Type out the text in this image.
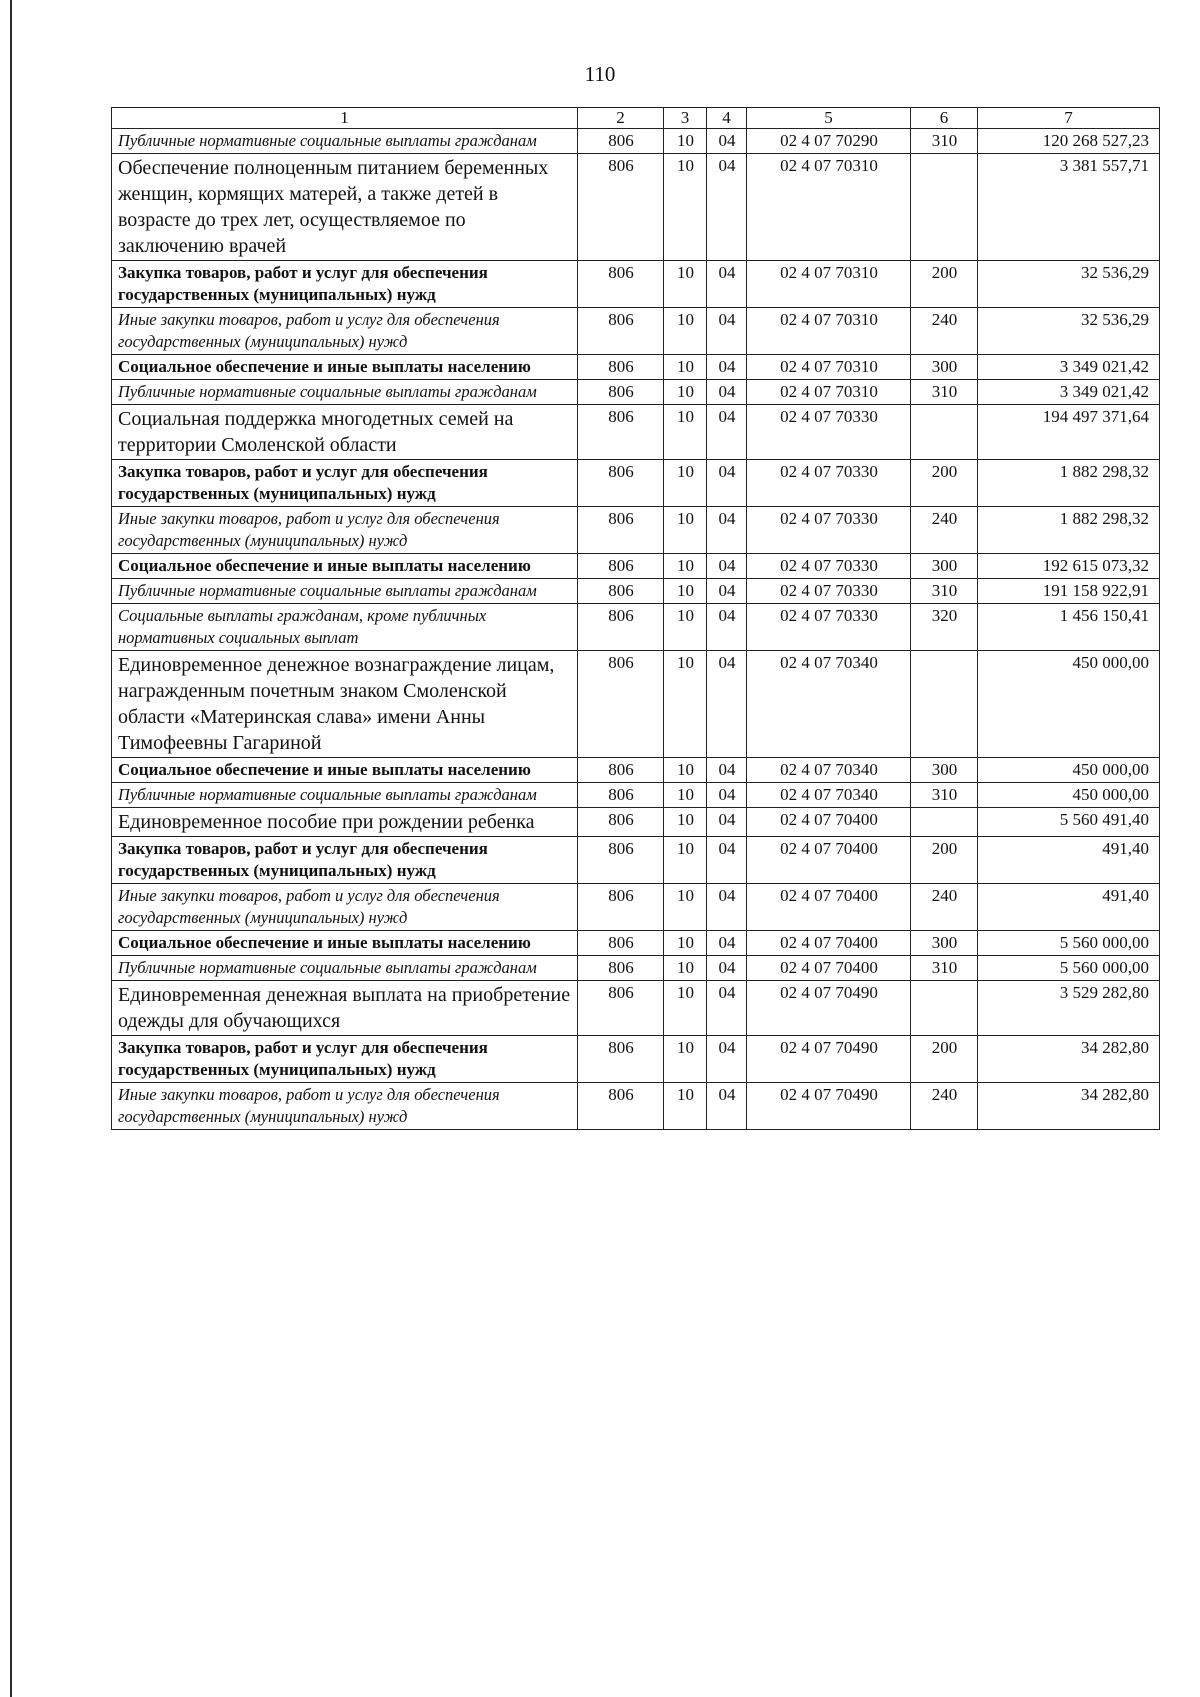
110
1	2	3	4	5	6	7
Публичные нормативные социальные выплаты гражданам	806	10	04	02 4 07 70290	310	120 268 527,23
Обеспечение полноценным питанием беременных женщин, кормящих матерей, а также детей в возрасте до трех лет, осуществляемое по заключению врачей	806	10	04	02 4 07 70310		3 381 557,71
Закупка товаров, работ и услуг для обеспечения государственных (муниципальных) нужд	806	10	04	02 4 07 70310	200	32 536,29
Иные закупки товаров, работ и услуг для обеспечения государственных (муниципальных) нужд	806	10	04	02 4 07 70310	240	32 536,29
Социальное обеспечение и иные выплаты населению	806	10	04	02 4 07 70310	300	3 349 021,42
Публичные нормативные социальные выплаты гражданам	806	10	04	02 4 07 70310	310	3 349 021,42
Социальная поддержка многодетных семей на территории Смоленской области	806	10	04	02 4 07 70330		194 497 371,64
Закупка товаров, работ и услуг для обеспечения государственных (муниципальных) нужд	806	10	04	02 4 07 70330	200	1 882 298,32
Иные закупки товаров, работ и услуг для обеспечения государственных (муниципальных) нужд	806	10	04	02 4 07 70330	240	1 882 298,32
Социальное обеспечение и иные выплаты населению	806	10	04	02 4 07 70330	300	192 615 073,32
Публичные нормативные социальные выплаты гражданам	806	10	04	02 4 07 70330	310	191 158 922,91
Социальные выплаты гражданам, кроме публичных нормативных социальных выплат	806	10	04	02 4 07 70330	320	1 456 150,41
Единовременное денежное вознаграждение лицам, награжденным почетным знаком Смоленской области «Материнская слава» имени Анны Тимофеевны Гагариной	806	10	04	02 4 07 70340		450 000,00
Социальное обеспечение и иные выплаты населению	806	10	04	02 4 07 70340	300	450 000,00
Публичные нормативные социальные выплаты гражданам	806	10	04	02 4 07 70340	310	450 000,00
Единовременное пособие при рождении ребенка	806	10	04	02 4 07 70400		5 560 491,40
Закупка товаров, работ и услуг для обеспечения государственных (муниципальных) нужд	806	10	04	02 4 07 70400	200	491,40
Иные закупки товаров, работ и услуг для обеспечения государственных (муниципальных) нужд	806	10	04	02 4 07 70400	240	491,40
Социальное обеспечение и иные выплаты населению	806	10	04	02 4 07 70400	300	5 560 000,00
Публичные нормативные социальные выплаты гражданам	806	10	04	02 4 07 70400	310	5 560 000,00
Единовременная денежная выплата на приобретение одежды для обучающихся	806	10	04	02 4 07 70490		3 529 282,80
Закупка товаров, работ и услуг для обеспечения государственных (муниципальных) нужд	806	10	04	02 4 07 70490	200	34 282,80
Иные закупки товаров, работ и услуг для обеспечения государственных (муниципальных) нужд	806	10	04	02 4 07 70490	240	34 282,80
